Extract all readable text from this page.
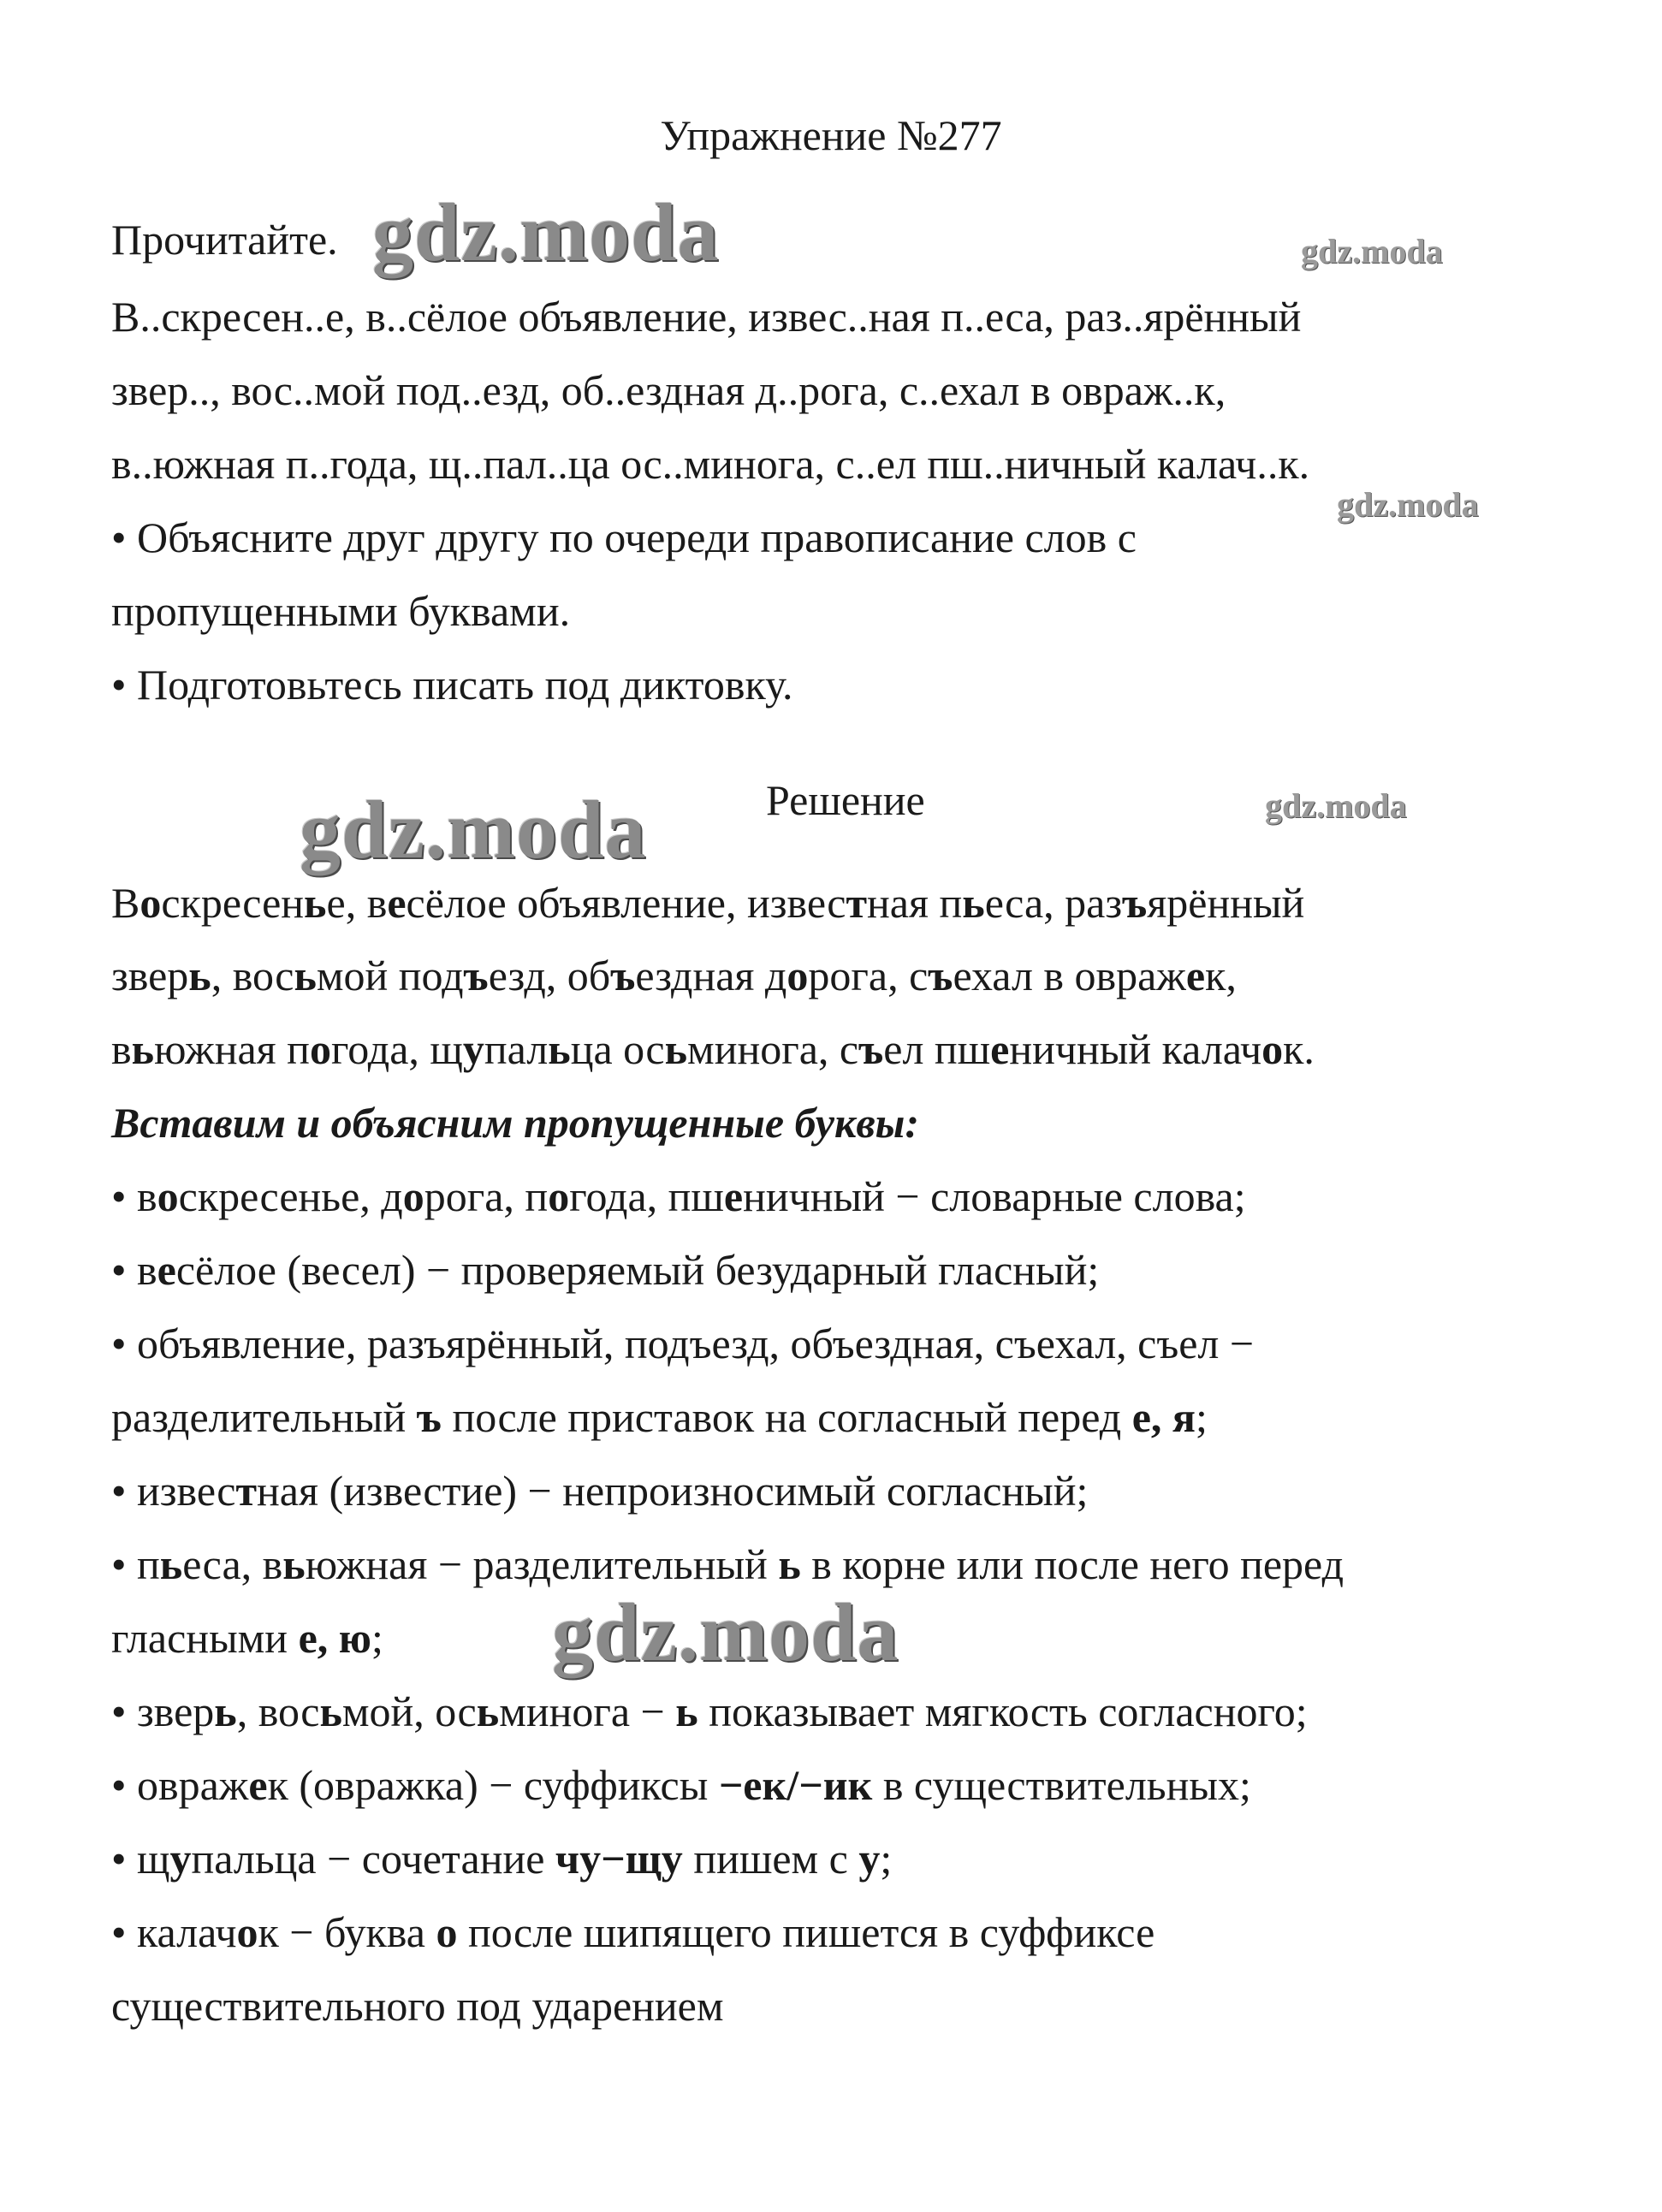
Упражнение №277
Прочитайте.
В..скресен..е, в..сёлое объявление, извес..ная п..еса, раз..ярённый
звер.., вос..мой под..езд, об..ездная д..рога, с..ехал в овраж..к,
в..южная п..года, щ..пал..ца ос..минога, с..ел пш..ничный калач..к.
• Объясните друг другу по очереди правописание слов с
пропущенными буквами.
• Подготовьтесь писать под диктовку.
Решение
Воскресенье, весёлое объявление, известная пьеса, разъярённый
зверь, восьмой подъезд, объездная дорога, съехал в овражек,
вьюжная погода, щупальца осьминога, съел пшеничный калачок.
Вставим и объясним пропущенные буквы:
• воскресенье, дорога, погода, пшеничный − словарные слова;
• весёлое (весел) − проверяемый безударный гласный;
• объявление, разъярённый, подъезд, объездная, съехал, съел −
разделительный ъ после приставок на согласный перед е, я;
• известная (известие) − непроизносимый согласный;
• пьеса, вьюжная − разделительный ь в корне или после него перед
гласными е, ю;
• зверь, восьмой, осьминога − ь показывает мягкость согласного;
• овражек (овражка) − суффиксы −ек/−ик в существительных;
• щупальца − сочетание чу−щу пишем с у;
• калачок − буква о после шипящего пишется в суффиксе
существительного под ударением
gdz.moda	gdz.moda
gdz.moda
gdz.moda	gdz.moda
gdz.moda
